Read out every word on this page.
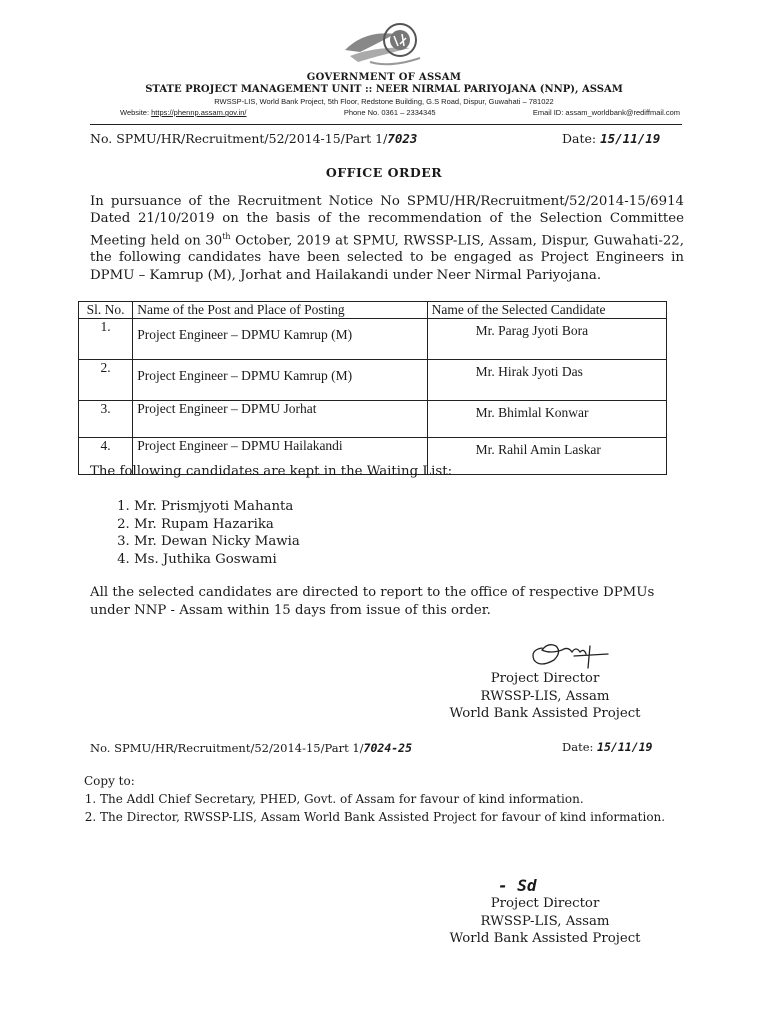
GOVERNMENT OF ASSAM
STATE PROJECT MANAGEMENT UNIT :: NEER NIRMAL PARIYOJANA (NNP), ASSAM
RWSSP-LIS, World Bank Project, 5th Floor, Redstone Building, G.S Road, Dispur, Guwahati – 781022
Website: https://phennp.assam.gov.in/	Phone No. 0361 – 2334345	Email ID: assam_worldbank@rediffmail.com
No. SPMU/HR/Recruitment/52/2014-15/Part 1/7023	Date: 15/11/19
OFFICE ORDER

In pursuance of the Recruitment Notice No SPMU/HR/Recruitment/52/2014-15/6914 Dated 21/10/2019 on the basis of the recommendation of the Selection Committee Meeting held on 30th October, 2019 at SPMU, RWSSP-LIS, Assam, Dispur, Guwahati-22, the following candidates have been selected to be engaged as Project Engineers in DPMU – Kamrup (M), Jorhat and Hailakandi under Neer Nirmal Pariyojana.

Sl. No.	Name of the Post and Place of Posting	Name of the Selected Candidate
1.	Project Engineer – DPMU Kamrup (M)	Mr. Parag Jyoti Bora
2.	Project Engineer – DPMU Kamrup (M)	Mr. Hirak Jyoti Das
3.	Project Engineer – DPMU Jorhat	Mr. Bhimlal Konwar
4.	Project Engineer – DPMU Hailakandi	Mr. Rahil Amin Laskar
The following candidates are kept in the Waiting List:
1. Mr. Prismjyoti Mahanta
2. Mr. Rupam Hazarika
3. Mr. Dewan Nicky Mawia
4. Ms. Juthika Goswami
All the selected candidates are directed to report to the office of respective DPMUs under NNP - Assam within 15 days from issue of this order.
Project Director
RWSSP-LIS, Assam
World Bank Assisted Project
No. SPMU/HR/Recruitment/52/2014-15/Part 1/7024-25	Date: 15/11/19
Copy to:
1. The Addl Chief Secretary, PHED, Govt. of Assam for favour of kind information.
2. The Director, RWSSP-LIS, Assam World Bank Assisted Project for favour of kind information.
- Sd
Project Director
RWSSP-LIS, Assam
World Bank Assisted Project
